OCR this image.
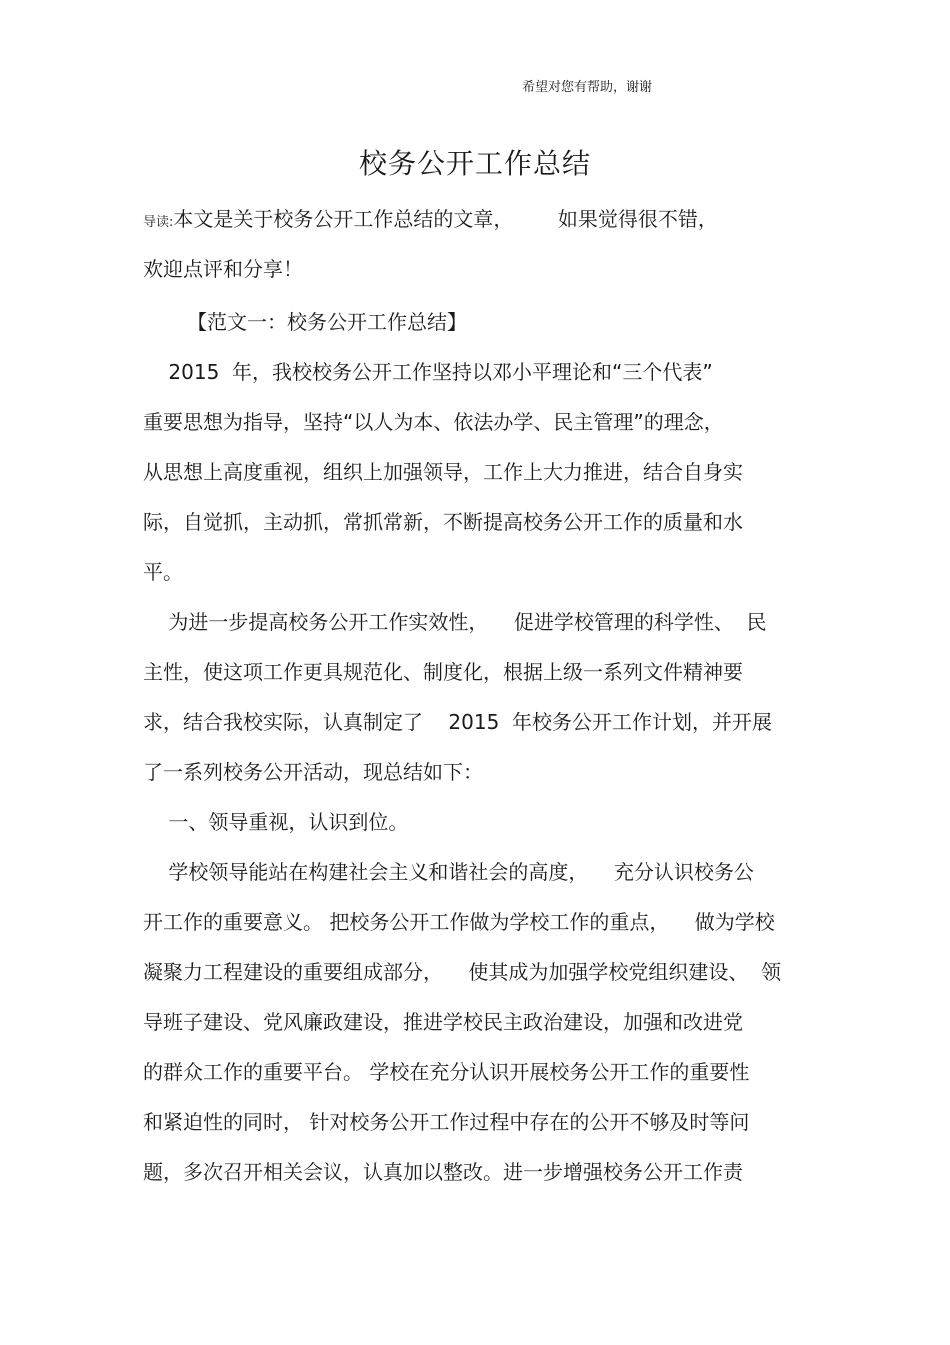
希望对您有帮助，谢谢
校务公开工作总结
导读:本文是关于校务公开工作总结的文章，       如果觉得很不错，
欢迎点评和分享！
【范文一：校务公开工作总结】
2015  年，我校校务公开工作坚持以邓小平理论和“三个代表”
重要思想为指导，坚持“以人为本、依法办学、民主管理”的理念，
从思想上高度重视，组织上加强领导，工作上大力推进，结合自身实
际，自觉抓，主动抓，常抓常新，不断提高校务公开工作的质量和水
平。
为进一步提高校务公开工作实效性，    促进学校管理的科学性、  民
主性，使这项工作更具规范化、制度化，根据上级一系列文件精神要
求，结合我校实际，认真制定了    2015  年校务公开工作计划，并开展
了一系列校务公开活动，现总结如下：
一、领导重视，认识到位。
学校领导能站在构建社会主义和谐社会的高度，    充分认识校务公
开工作的重要意义。 把校务公开工作做为学校工作的重点，    做为学校
凝聚力工程建设的重要组成部分，    使其成为加强学校党组织建设、  领
导班子建设、党风廉政建设，推进学校民主政治建设，加强和改进党
的群众工作的重要平台。 学校在充分认识开展校务公开工作的重要性
和紧迫性的同时， 针对校务公开工作过程中存在的公开不够及时等问
题，多次召开相关会议，认真加以整改。进一步增强校务公开工作责
